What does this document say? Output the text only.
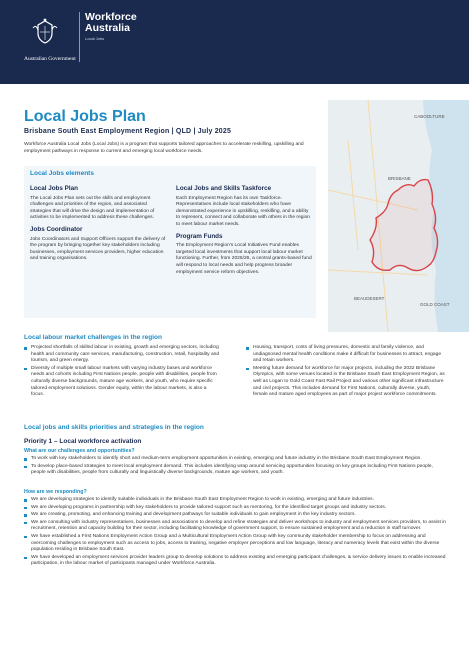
Australian Government
Workforce
Australia
Local Jobs
Local Jobs Plan
Brisbane South East Employment Region | QLD | July 2025
Workforce Australia Local Jobs (Local Jobs) is a program that supports tailored approaches to accelerate reskilling, upskilling and employment pathways in response to current and emerging local workforce needs.
Local Jobs elements
Local Jobs Plan
The Local Jobs Plan sets out the skills and employment challenges and priorities of the region, and associated strategies that will drive the design and implementation of activities to be implemented to address these challenges.
Jobs Coordinator
Jobs Coordinators and Support Officers support the delivery of the program by bringing together key stakeholders including businesses, employment services providers, higher education and training organisations.
Local Jobs and Skills Taskforce
Each Employment Region has its own Taskforce. Representatives include local stakeholders who have demonstrated experience in upskilling, reskilling, and a ability to represent, connect and collaborate with others in the region to meet labour market needs.
Program Funds
The Employment Region's Local Initiatives Fund enables targeted local investments that support local labour market functioning. Further, from 2025/26, a central grants-based fund will respond to local needs and help progress broader employment service reform objectives.
CABOOLTURE
BRISBANE
BEAUDESERT
GOLD COAST
Local labour market challenges in the region
Projected shortfalls of skilled labour in existing, growth and emerging sectors, including health and community care services, manufacturing, construction, retail, hospitality and tourism, and green energy.
Diversity of multiple small labour markets with varying industry bases and workforce needs and cohorts including First Nations people, people with disabilities, people from culturally diverse backgrounds, mature age workers, and youth, who require specific tailored employment solutions. Gender equity, within the labour markets, is also a focus.
Housing, transport, costs of living pressures, domestic and family violence, and undiagnosed mental health conditions make it difficult for businesses to attract, engage and retain workers.
Meeting future demand for workforce for major projects, including the 2032 Brisbane Olympics, with some venues located in the Brisbane South East Employment Region, as well as Logan to Gold Coast Fast Rail Project and various other significant infrastructure and civil projects. This includes demand for First Nations, culturally diverse, youth, female and mature aged employees as part of major project workforce commitments.
Local jobs and skills priorities and strategies in the region
Priority 1 – Local workforce activation
What are our challenges and opportunities?
To work with key stakeholders to identify short and medium-term employment opportunities in existing, emerging and future industry in the Brisbane South East Employment Region.
To develop place-based strategies to meet local employment demand. This includes identifying wrap around servicing opportunities focusing on key groups including First Nations people, people with disabilities, people from culturally and linguistically diverse backgrounds, mature age workers, and youth.
How are we responding?
We are developing strategies to identify suitable individuals in the Brisbane South East Employment Region to work in existing, emerging and future industries.
We are developing programs in partnership with key stakeholders to provide tailored support such as mentoring, for the identified target groups and industry sectors.
We are creating, promoting, and enhancing training and development pathways for suitable individuals to gain employment in the key industry sectors.
We are consulting with industry representatives, businesses and associations to develop and refine strategies and deliver workshops to industry and employment services providers, to assist in recruitment, retention and capacity building for their sector, including facilitating knowledge of government support, to ensure sustained employment and a reduction in staff turnover.
We have established a First Nations Employment Action Group and a Multicultural Employment Action Group with key community stakeholder membership to focus on addressing and overcoming challenges to employment such as access to jobs, access to training, negative employer perceptions and low language, literacy and numeracy levels that exist within the diverse population residing in Brisbane South East.
We have developed an employment services provider leaders group to develop solutions to address existing and emerging participant challenges, & service delivery issues to enable increased participation, in the labour market of participants managed under Workforce Australia.
